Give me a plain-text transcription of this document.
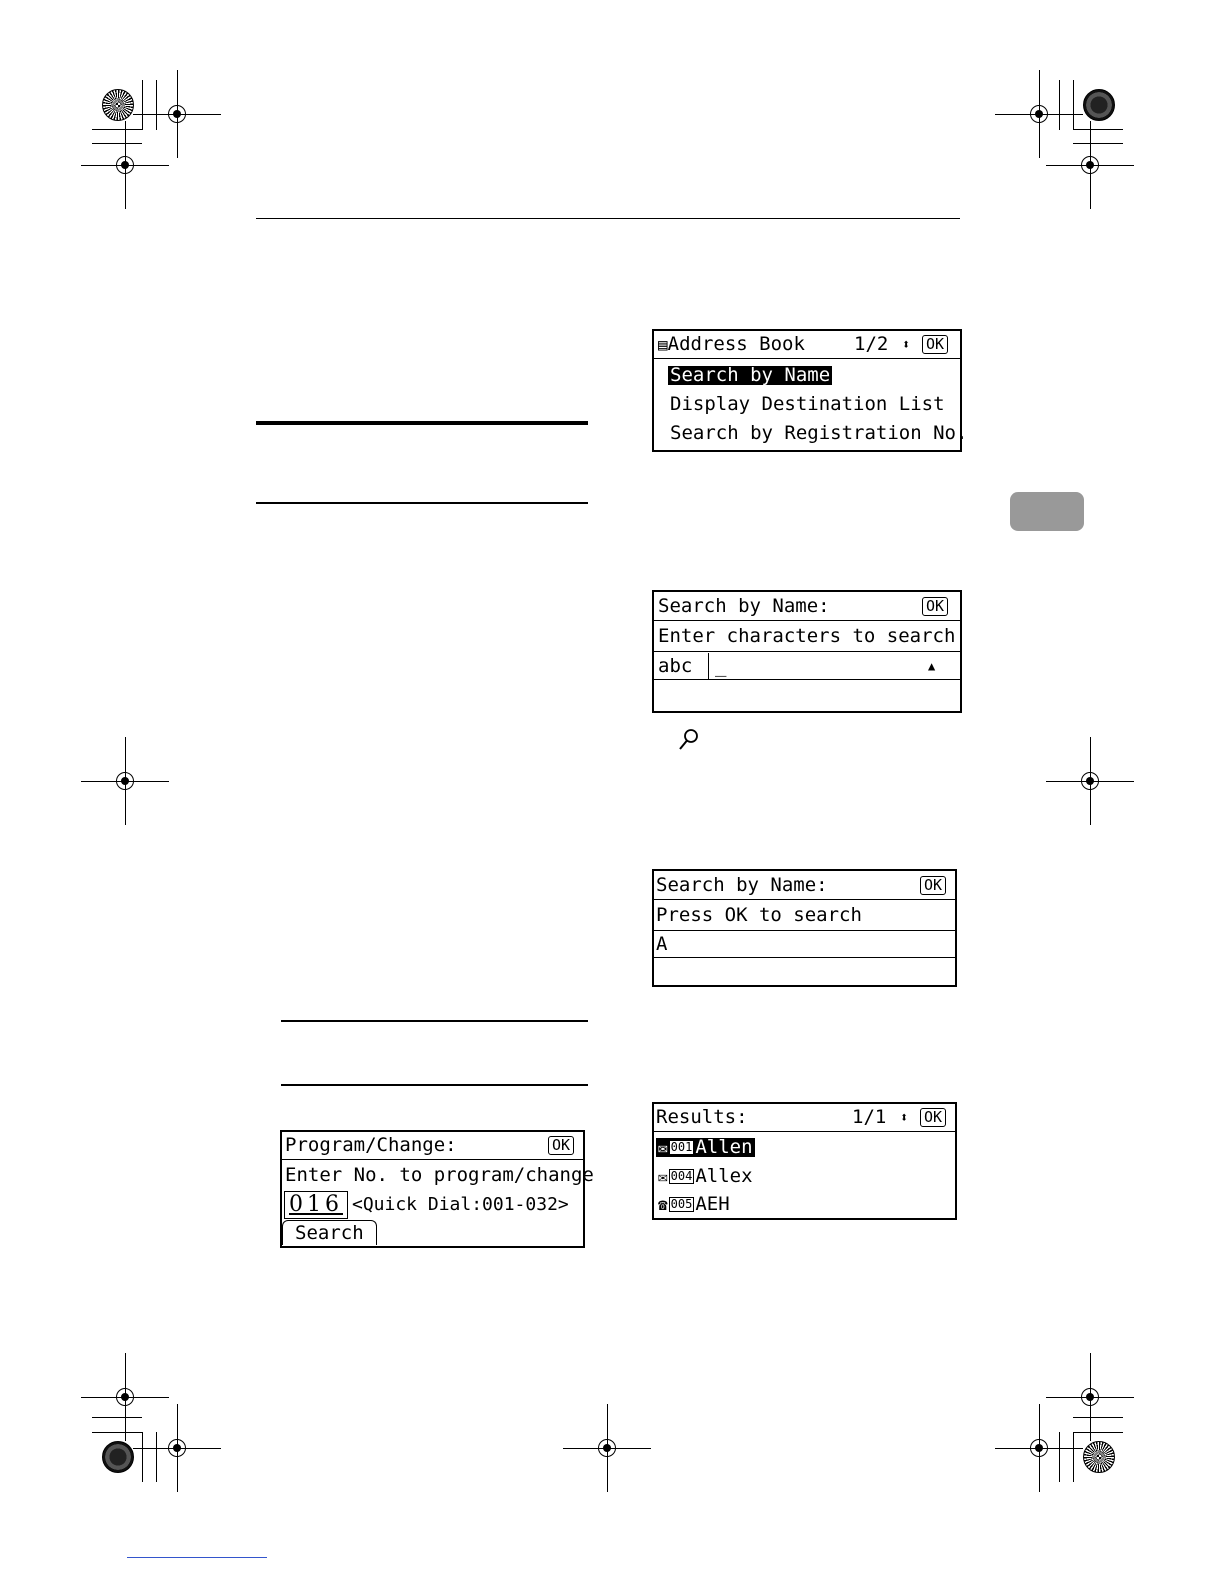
▤ Address Book	1/2 ⬍ OK
Search by Name
Display Destination List
Search by Registration No.
Search by Name:	OK
Enter characters to search
abc	_	▲
Search by Name:	OK
Press OK to search
A
Results:	1/1 ⬍ OK
✉ 001 Allen
✉ 004 Allex
☎ 005 AEH
Program/Change:	OK
Enter No. to program/change
016 <Quick Dial:001-032>
Search
